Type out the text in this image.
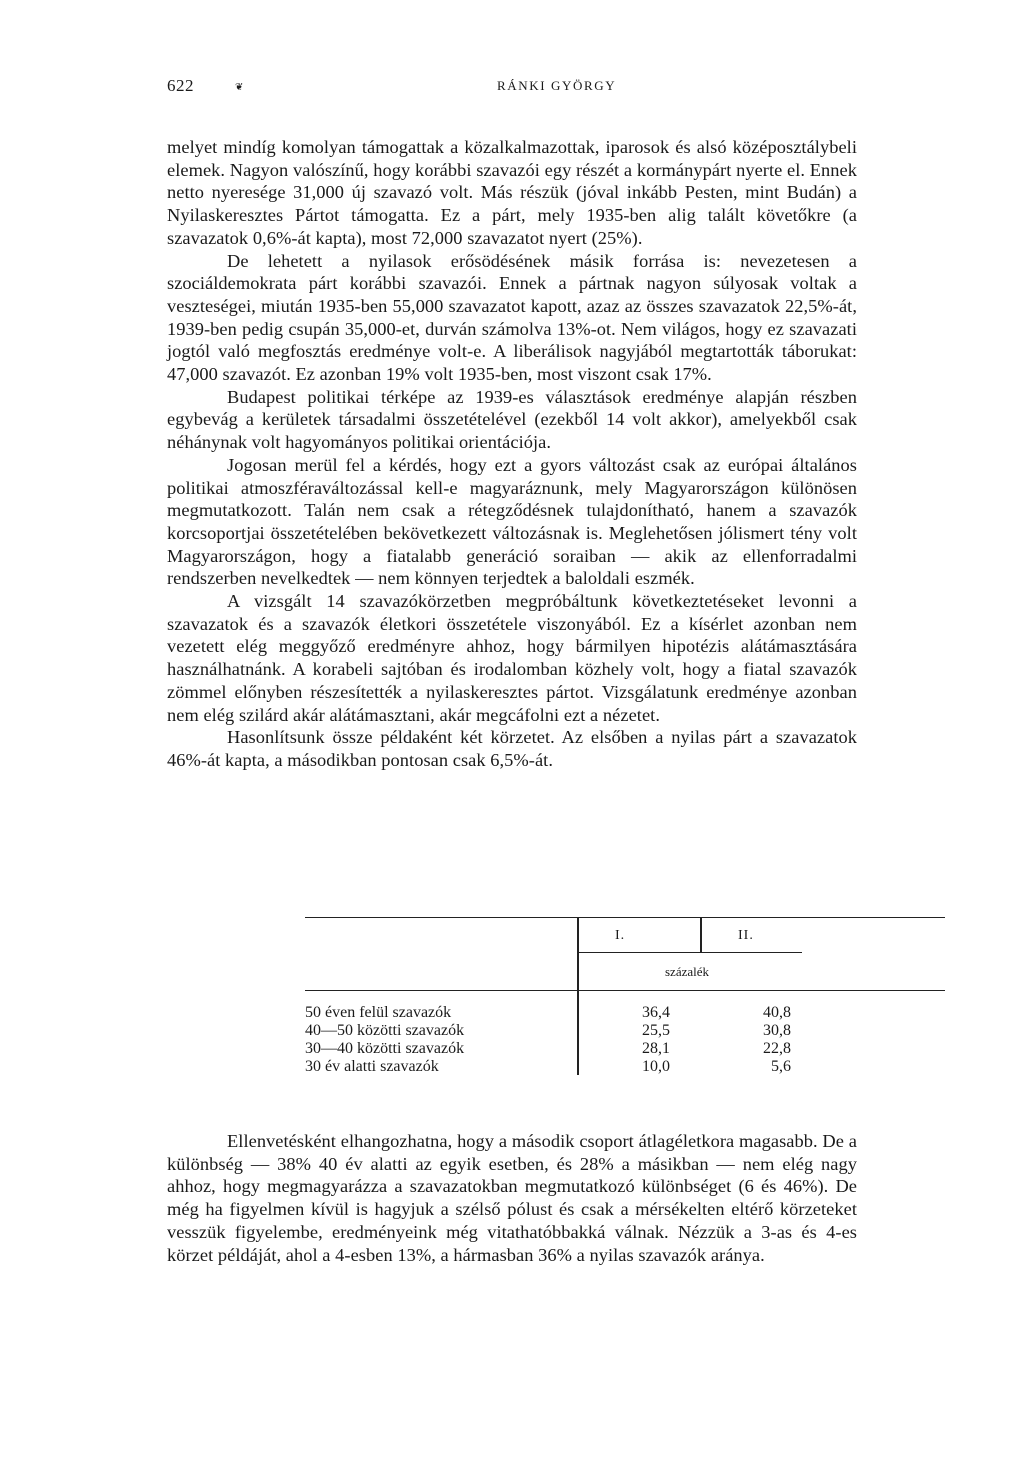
622	❦	RÁNKI GYÖRGY

melyet mindíg komolyan támogattak a közalkalmazottak, iparosok és alsó középosztálybeli elemek. Nagyon valószínű, hogy korábbi szavazói egy részét a kormánypárt nyerte el. Ennek netto nyeresége 31,000 új szavazó volt. Más részük (jóval inkább Pesten, mint Budán) a Nyilaskeresztes Pártot támogatta. Ez a párt, mely 1935-ben alig talált követőkre (a szavazatok 0,6%-át kapta), most 72,000 szavazatot nyert (25%).

De lehetett a nyilasok erősödésének másik forrása is: nevezetesen a szociáldemokrata párt korábbi szavazói. Ennek a pártnak nagyon súlyosak voltak a veszteségei, miután 1935-ben 55,000 szavazatot kapott, azaz az összes szavazatok 22,5%-át, 1939-ben pedig csupán 35,000-et, durván számolva 13%-ot. Nem világos, hogy ez szavazati jogtól való megfosztás eredménye volt-e. A liberálisok nagyjából megtartották táborukat: 47,000 szavazót. Ez azonban 19% volt 1935-ben, most viszont csak 17%.

Budapest politikai térképe az 1939-es választások eredménye alapján részben egybevág a kerületek társadalmi összetételével (ezekből 14 volt akkor), amelyekből csak néhánynak volt hagyományos politikai orientációja.

Jogosan merül fel a kérdés, hogy ezt a gyors változást csak az európai általános politikai atmoszféraváltozással kell-e magyaráznunk, mely Magyarországon különösen megmutatkozott. Talán nem csak a rétegződésnek tulajdonítható, hanem a szavazók korcsoportjai összetételében bekövetkezett változásnak is. Meglehetősen jólismert tény volt Magyarországon, hogy a fiatalabb generáció soraiban — akik az ellenforradalmi rendszerben nevelkedtek — nem könnyen terjedtek a baloldali eszmék.

A vizsgált 14 szavazókörzetben megpróbáltunk következtetéseket levonni a szavazatok és a szavazók életkori összetétele viszonyából. Ez a kísérlet azonban nem vezetett elég meggyőző eredményre ahhoz, hogy bármilyen hipotézis alátámasztására használhatnánk. A korabeli sajtóban és irodalomban közhely volt, hogy a fiatal szavazók zömmel előnyben részesítették a nyilaskeresztes pártot. Vizsgálatunk eredménye azonban nem elég szilárd akár alátámasztani, akár megcáfolni ezt a nézetet.

Hasonlítsunk össze példaként két körzetet. Az elsőben a nyilas párt a szavazatok 46%-át kapta, a másodikban pontosan csak 6,5%-át.

I.	II.
százalék
50 éven felül szavazók	36,4	40,8
40—50 közötti szavazók	25,5	30,8
30—40 közötti szavazók	28,1	22,8
30 év alatti szavazók	10,0	5,6

Ellenvetésként elhangozhatna, hogy a második csoport átlagéletkora magasabb. De a különbség — 38% 40 év alatti az egyik esetben, és 28% a másikban — nem elég nagy ahhoz, hogy megmagyarázza a szavazatokban megmutatkozó különbséget (6 és 46%). De még ha figyelmen kívül is hagyjuk a szélső pólust és csak a mérsékelten eltérő körzeteket vesszük figyelembe, eredményeink még vitathatóbbakká válnak. Nézzük a 3-as és 4-es körzet példáját, ahol a 4-esben 13%, a hármasban 36% a nyilas szavazók aránya.
